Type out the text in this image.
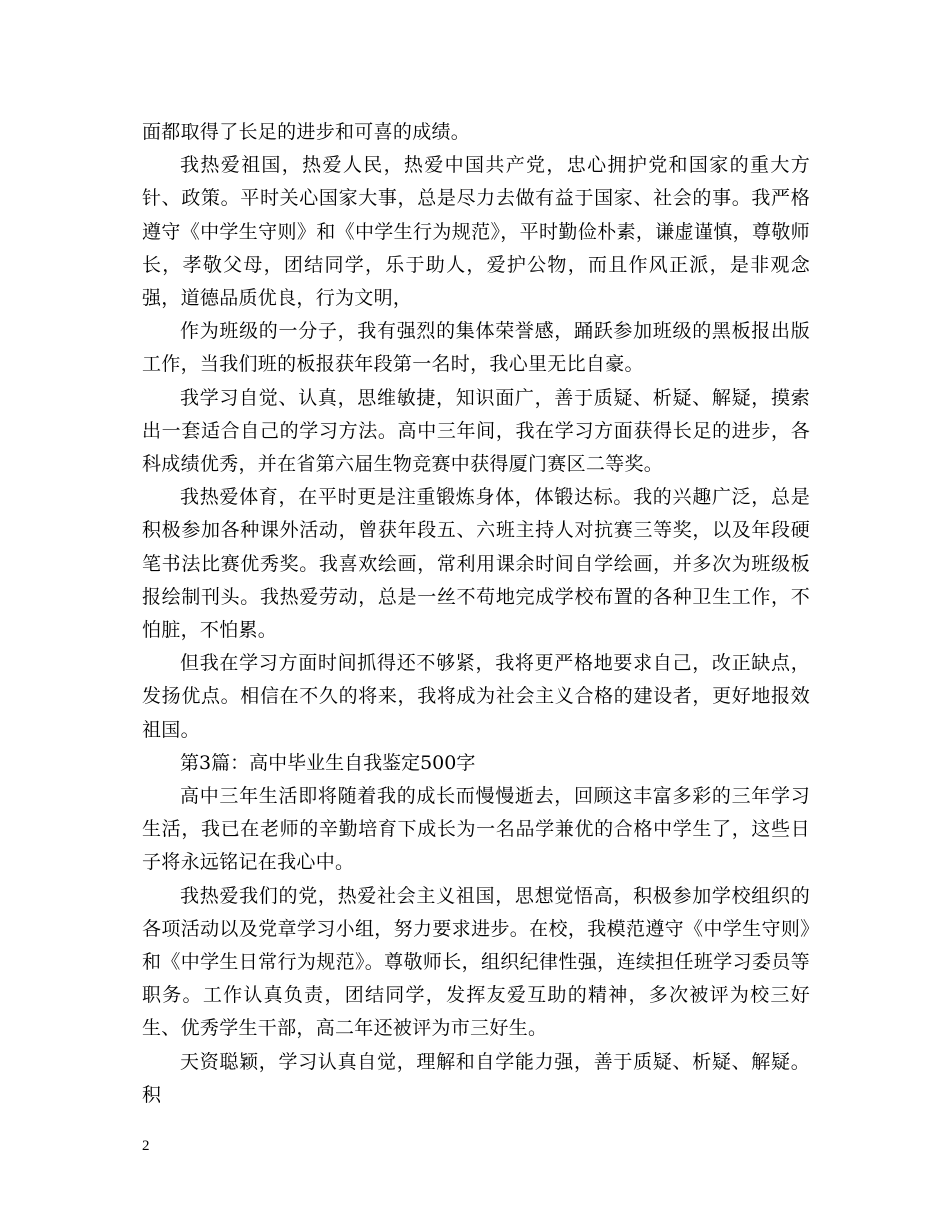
面都取得了长足的进步和可喜的成绩。

我热爱祖国，热爱人民，热爱中国共产党，忠心拥护党和国家的重大方针、政策。平时关心国家大事，总是尽力去做有益于国家、社会的事。我严格遵守《中学生守则》和《中学生行为规范》，平时勤俭朴素，谦虚谨慎，尊敬师长，孝敬父母，团结同学，乐于助人，爱护公物，而且作风正派，是非观念强，道德品质优良，行为文明，

作为班级的一分子，我有强烈的集体荣誉感，踊跃参加班级的黑板报出版工作，当我们班的板报获年段第一名时，我心里无比自豪。

我学习自觉、认真，思维敏捷，知识面广，善于质疑、析疑、解疑，摸索出一套适合自己的学习方法。高中三年间，我在学习方面获得长足的进步，各科成绩优秀，并在省第六届生物竞赛中获得厦门赛区二等奖。

我热爱体育，在平时更是注重锻炼身体，体锻达标。我的兴趣广泛，总是积极参加各种课外活动，曾获年段五、六班主持人对抗赛三等奖，以及年段硬笔书法比赛优秀奖。我喜欢绘画，常利用课余时间自学绘画，并多次为班级板报绘制刊头。我热爱劳动，总是一丝不苟地完成学校布置的各种卫生工作，不怕脏，不怕累。

但我在学习方面时间抓得还不够紧，我将更严格地要求自己，改正缺点，发扬优点。相信在不久的将来，我将成为社会主义合格的建设者，更好地报效祖国。

第3篇：高中毕业生自我鉴定500字

高中三年生活即将随着我的成长而慢慢逝去，回顾这丰富多彩的三年学习生活，我已在老师的辛勤培育下成长为一名品学兼优的合格中学生了，这些日子将永远铭记在我心中。

我热爱我们的党，热爱社会主义祖国，思想觉悟高，积极参加学校组织的各项活动以及党章学习小组，努力要求进步。在校，我模范遵守《中学生守则》和《中学生日常行为规范》。尊敬师长，组织纪律性强，连续担任班学习委员等职务。工作认真负责，团结同学，发挥友爱互助的精神，多次被评为校三好生、优秀学生干部，高二年还被评为市三好生。

天资聪颖，学习认真自觉，理解和自学能力强，善于质疑、析疑、解疑。积

2
